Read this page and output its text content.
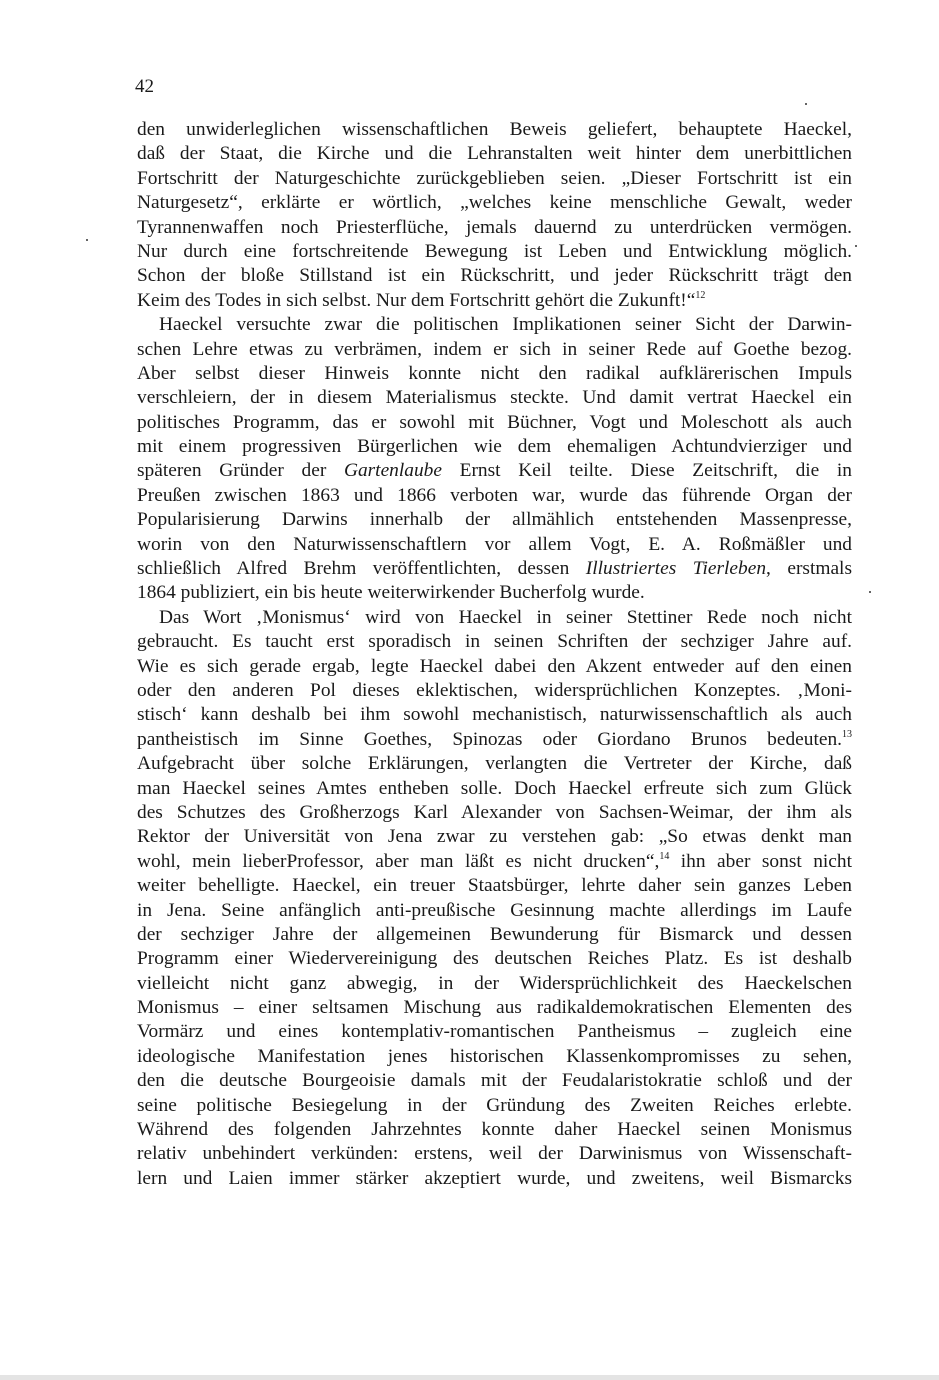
42
den unwiderleglichen wissenschaftlichen Beweis geliefert, behauptete Haeckel,
daß der Staat, die Kirche und die Lehranstalten weit hinter dem unerbittlichen
Fortschritt der Naturgeschichte zurückgeblieben seien. „Dieser Fortschritt ist ein
Naturgesetz“, erklärte er wörtlich, „welches keine menschliche Gewalt, weder
Tyrannenwaffen noch Priesterflüche, jemals dauernd zu unterdrücken vermögen.
Nur durch eine fortschreitende Bewegung ist Leben und Entwicklung möglich.
Schon der bloße Stillstand ist ein Rückschritt, und jeder Rückschritt trägt den
Keim des Todes in sich selbst. Nur dem Fortschritt gehört die Zukunft!“$^{12}$
Haeckel versuchte zwar die politischen Implikationen seiner Sicht der Darwin-
schen Lehre etwas zu verbrämen, indem er sich in seiner Rede auf Goethe bezog.
Aber selbst dieser Hinweis konnte nicht den radikal aufklärerischen Impuls
verschleiern, der in diesem Materialismus steckte. Und damit vertrat Haeckel ein
politisches Programm, das er sowohl mit Büchner, Vogt und Moleschott als auch
mit einem progressiven Bürgerlichen wie dem ehemaligen Achtundvierziger und
späteren Gründer der Gartenlaube Ernst Keil teilte. Diese Zeitschrift, die in
Preußen zwischen 1863 und 1866 verboten war, wurde das führende Organ der
Popularisierung Darwins innerhalb der allmählich entstehenden Massenpresse,
worin von den Naturwissenschaftlern vor allem Vogt, E. A. Roßmäßler und
schließlich Alfred Brehm veröffentlichten, dessen Illustriertes Tierleben, erstmals
1864 publiziert, ein bis heute weiterwirkender Bucherfolg wurde.
Das Wort ‚Monismus‘ wird von Haeckel in seiner Stettiner Rede noch nicht
gebraucht. Es taucht erst sporadisch in seinen Schriften der sechziger Jahre auf.
Wie es sich gerade ergab, legte Haeckel dabei den Akzent entweder auf den einen
oder den anderen Pol dieses eklektischen, widersprüchlichen Konzeptes. ‚Moni-
stisch‘ kann deshalb bei ihm sowohl mechanistisch, naturwissenschaftlich als auch
pantheistisch im Sinne Goethes, Spinozas oder Giordano Brunos bedeuten.$^{13}$
Aufgebracht über solche Erklärungen, verlangten die Vertreter der Kirche, daß
man Haeckel seines Amtes entheben solle. Doch Haeckel erfreute sich zum Glück
des Schutzes des Großherzogs Karl Alexander von Sachsen-Weimar, der ihm als
Rektor der Universität von Jena zwar zu verstehen gab: „So etwas denkt man
wohl, mein lieberProfessor, aber man läßt es nicht drucken“,$^{14}$ ihn aber sonst nicht
weiter behelligte. Haeckel, ein treuer Staatsbürger, lehrte daher sein ganzes Leben
in Jena. Seine anfänglich anti-preußische Gesinnung machte allerdings im Laufe
der sechziger Jahre der allgemeinen Bewunderung für Bismarck und dessen
Programm einer Wiedervereinigung des deutschen Reiches Platz. Es ist deshalb
vielleicht nicht ganz abwegig, in der Widersprüchlichkeit des Haeckelschen
Monismus – einer seltsamen Mischung aus radikaldemokratischen Elementen des
Vormärz und eines kontemplativ-romantischen Pantheismus – zugleich eine
ideologische Manifestation jenes historischen Klassenkompromisses zu sehen,
den die deutsche Bourgeoisie damals mit der Feudalaristokratie schloß und der
seine politische Besiegelung in der Gründung des Zweiten Reiches erlebte.
Während des folgenden Jahrzehntes konnte daher Haeckel seinen Monismus
relativ unbehindert verkünden: erstens, weil der Darwinismus von Wissenschaft-
lern und Laien immer stärker akzeptiert wurde, und zweitens, weil Bismarcks
